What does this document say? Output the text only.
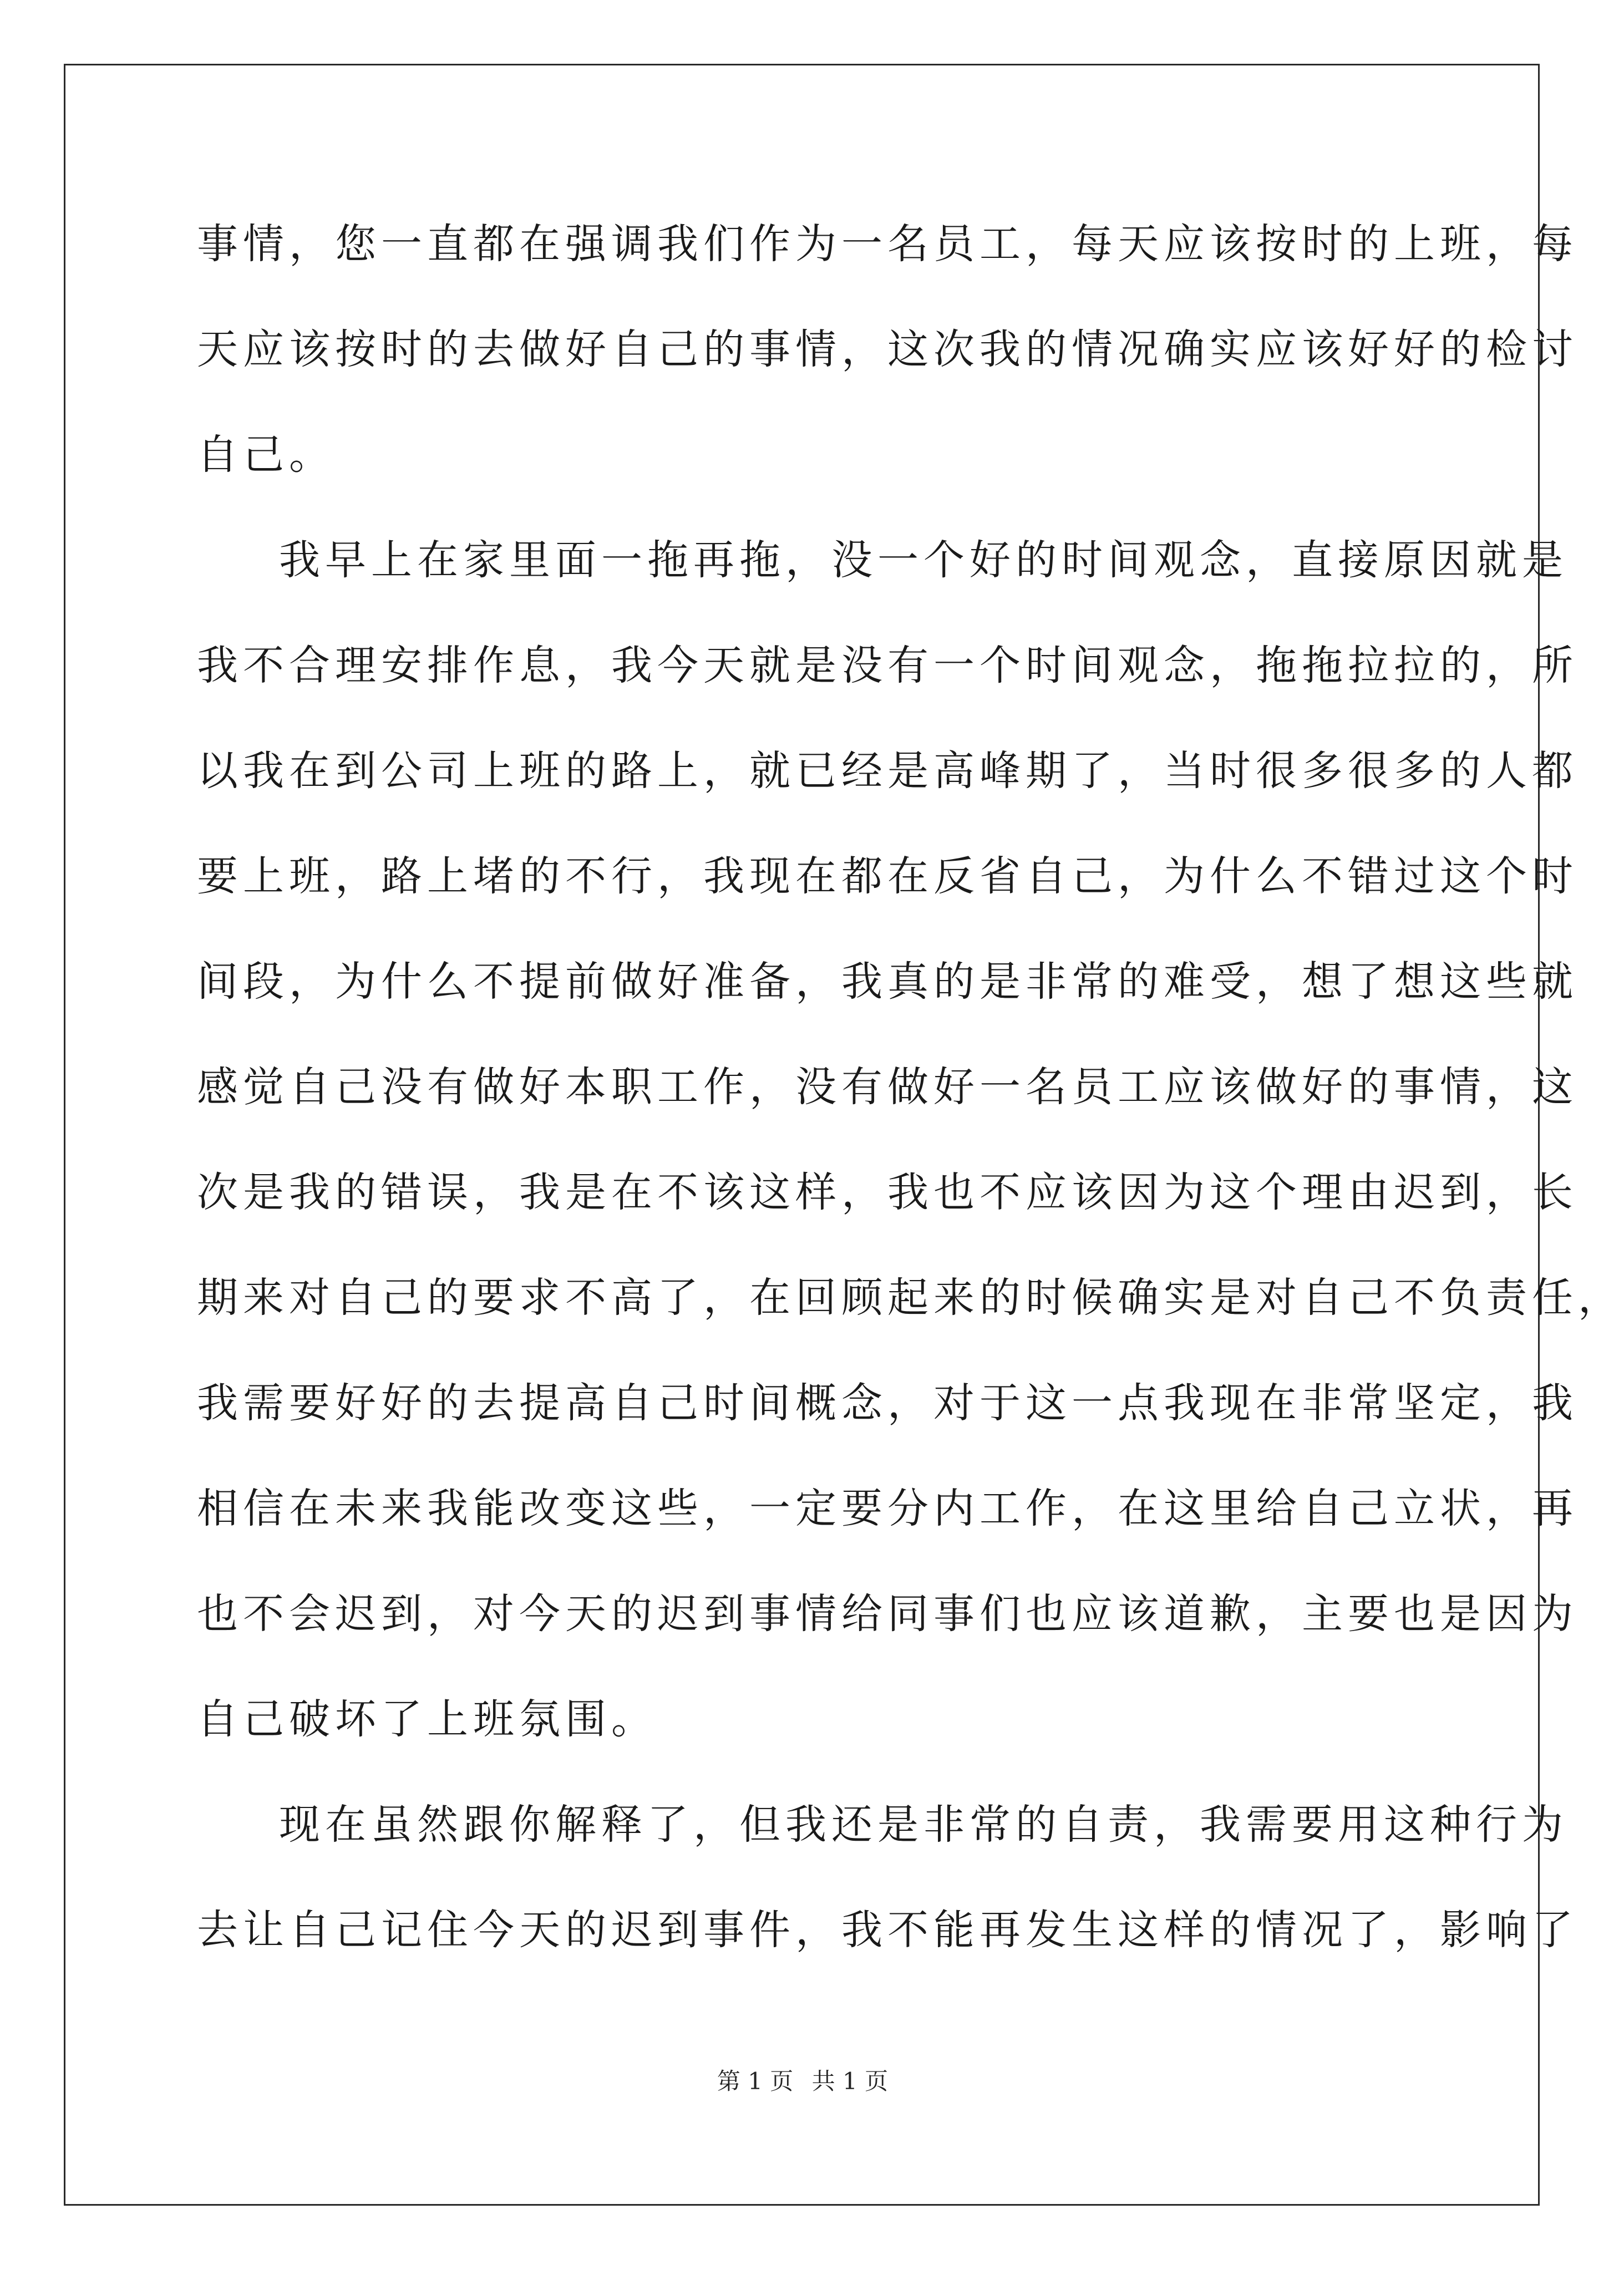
事情，您一直都在强调我们作为一名员工，每天应该按时的上班，每
天应该按时的去做好自己的事情，这次我的情况确实应该好好的检讨
自己。
我早上在家里面一拖再拖，没一个好的时间观念，直接原因就是
我不合理安排作息，我今天就是没有一个时间观念，拖拖拉拉的，所
以我在到公司上班的路上，就已经是高峰期了，当时很多很多的人都
要上班，路上堵的不行，我现在都在反省自己，为什么不错过这个时
间段，为什么不提前做好准备，我真的是非常的难受，想了想这些就
感觉自己没有做好本职工作，没有做好一名员工应该做好的事情，这
次是我的错误，我是在不该这样，我也不应该因为这个理由迟到，长
期来对自己的要求不高了，在回顾起来的时候确实是对自己不负责任，
我需要好好的去提高自己时间概念，对于这一点我现在非常坚定，我
相信在未来我能改变这些，一定要分内工作，在这里给自己立状，再
也不会迟到，对今天的迟到事情给同事们也应该道歉，主要也是因为
自己破坏了上班氛围。
现在虽然跟你解释了，但我还是非常的自责，我需要用这种行为
去让自己记住今天的迟到事件，我不能再发生这样的情况了，影响了
第 1 页 共 1 页
